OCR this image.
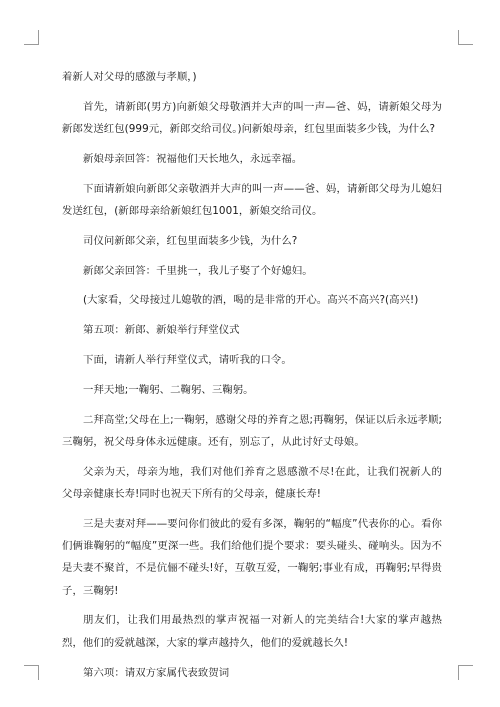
着新人对父母的感激与孝顺，)

首先，请新郎(男方)向新娘父母敬酒并大声的叫一声—爸、妈，请新娘父母为新郎发送红包(999元，新郎交给司仪。)问新娘母亲，红包里面装多少钱，为什么?

新娘母亲回答：祝福他们天长地久，永远幸福。

下面请新娘向新郎父亲敬酒并大声的叫一声——爸、妈，请新郎父母为儿媳妇发送红包，(新郎母亲给新娘红包1001，新娘交给司仪。

司仪问新郎父亲，红包里面装多少钱，为什么?

新郎父亲回答：千里挑一，我儿子娶了个好媳妇。

(大家看，父母接过儿媳敬的酒，喝的是非常的开心。高兴不高兴?(高兴!)

第五项：新郎、新娘举行拜堂仪式

下面，请新人举行拜堂仪式，请听我的口令。

一拜天地;一鞠躬、二鞠躬、三鞠躬。

二拜高堂;父母在上;一鞠躬，感谢父母的养育之恩;再鞠躬，保证以后永远孝顺;三鞠躬，祝父母身体永远健康。还有，别忘了，从此讨好丈母娘。

父亲为天，母亲为地，我们对他们养育之恩感激不尽!在此，让我们祝新人的父母亲健康长寿!同时也祝天下所有的父母亲，健康长寿!

三是夫妻对拜——要问你们彼此的爱有多深，鞠躬的“幅度”代表你的心。看你们俩谁鞠躬的“幅度”更深一些。我们给他们提个要求：要头碰头、碰响头。因为不是夫妻不聚首，不是伉俪不碰头!好，互敬互爱，一鞠躬;事业有成，再鞠躬;早得贵子，三鞠躬!

朋友们，让我们用最热烈的掌声祝福一对新人的完美结合!大家的掌声越热烈，他们的爱就越深，大家的掌声越持久，他们的爱就越长久!

第六项：请双方家属代表致贺词
